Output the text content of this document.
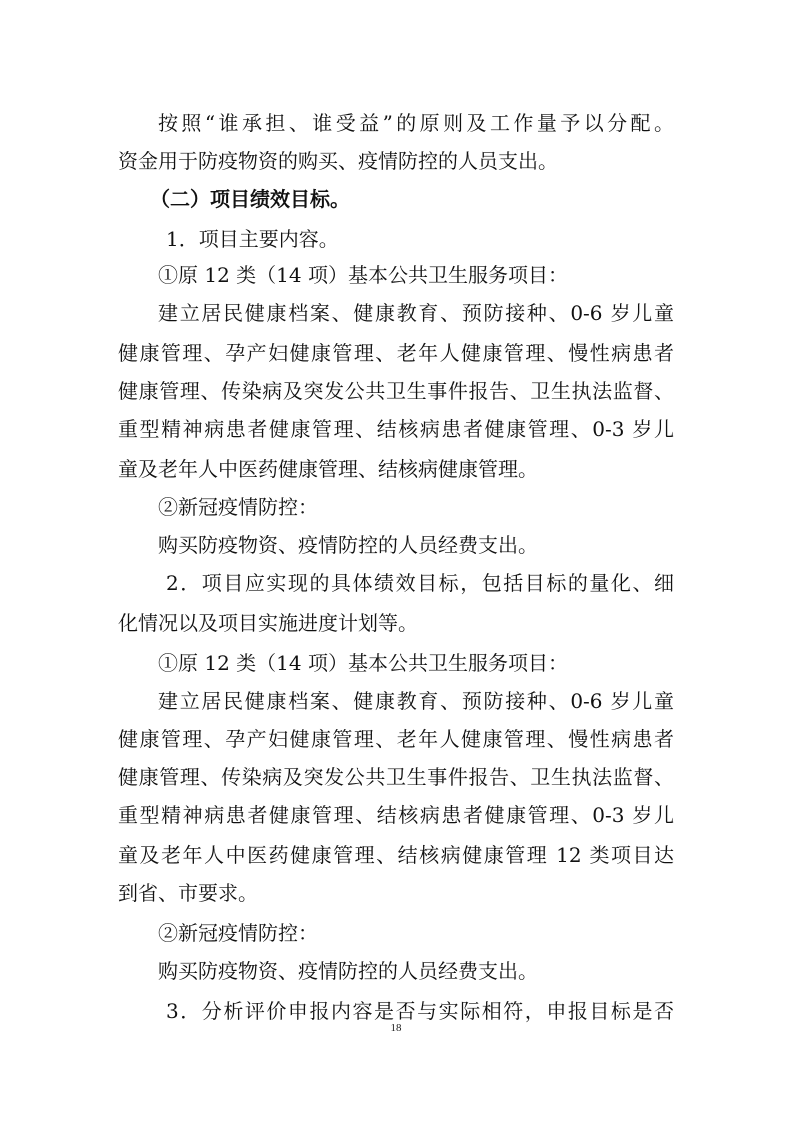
按照“谁承担、谁受益”的原则及工作量予以分配。
资金用于防疫物资的购买、疫情防控的人员支出。
（二）项目绩效目标。
1．项目主要内容。
①原 12 类（14 项）基本公共卫生服务项目：
建立居民健康档案、健康教育、预防接种、0-6 岁儿童
健康管理、孕产妇健康管理、老年人健康管理、慢性病患者
健康管理、传染病及突发公共卫生事件报告、卫生执法监督、
重型精神病患者健康管理、结核病患者健康管理、0-3 岁儿
童及老年人中医药健康管理、结核病健康管理。
②新冠疫情防控：
购买防疫物资、疫情防控的人员经费支出。
2．项目应实现的具体绩效目标，包括目标的量化、细
化情况以及项目实施进度计划等。
①原 12 类（14 项）基本公共卫生服务项目：
建立居民健康档案、健康教育、预防接种、0-6 岁儿童
健康管理、孕产妇健康管理、老年人健康管理、慢性病患者
健康管理、传染病及突发公共卫生事件报告、卫生执法监督、
重型精神病患者健康管理、结核病患者健康管理、0-3 岁儿
童及老年人中医药健康管理、结核病健康管理 12 类项目达
到省、市要求。
②新冠疫情防控：
购买防疫物资、疫情防控的人员经费支出。
3．分析评价申报内容是否与实际相符，申报目标是否
18
